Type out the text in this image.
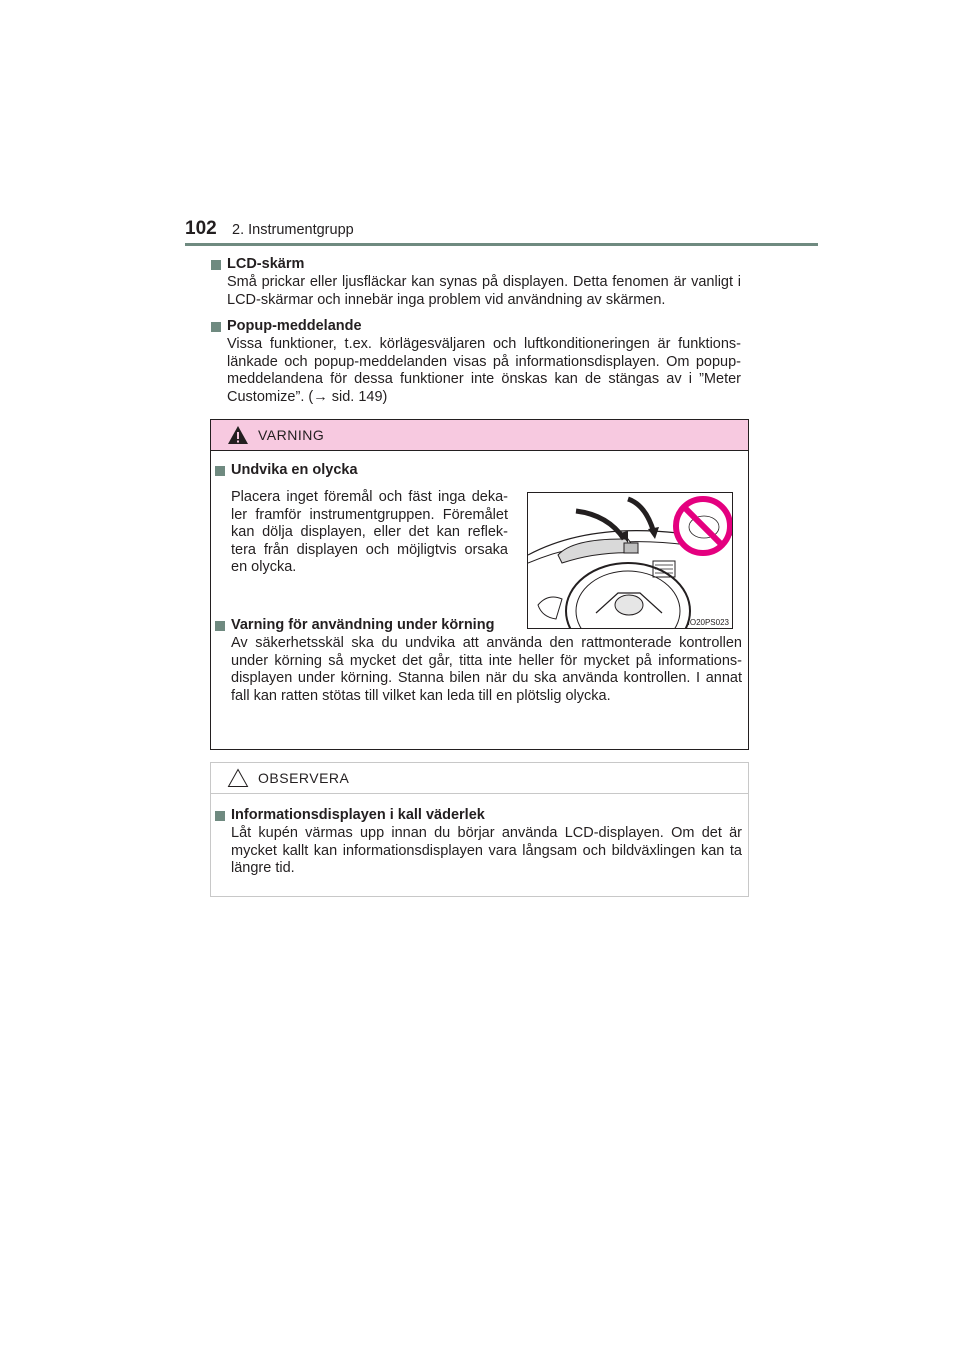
102 2. Instrumentgrupp
LCD-skärm
Små prickar eller ljusfläckar kan synas på displayen. Detta fenomen är vanligt i LCD-skärmar och innebär inga problem vid användning av skärmen.
Popup-meddelande
Vissa funktioner, t.ex. körlägesväljaren och luftkonditioneringen är funktions-länkade och popup-meddelanden visas på informationsdisplayen. Om popup-meddelandena för dessa funktioner inte önskas kan de stängas av i ”Meter Customize”. (→ sid. 149)
VARNING
Undvika en olycka
Placera inget föremål och fäst inga deka-ler framför instrumentgruppen. Föremålet kan dölja displayen, eller det kan reflek-tera från displayen och möjligtvis orsaka en olycka.
IO20PS023
Varning för användning under körning
Av säkerhetsskäl ska du undvika att använda den rattmonterade kontrollen under körning så mycket det går, titta inte heller för mycket på informations-displayen under körning. Stanna bilen när du ska använda kontrollen. I annat fall kan ratten stötas till vilket kan leda till en plötslig olycka.
OBSERVERA
Informationsdisplayen i kall väderlek
Låt kupén värmas upp innan du börjar använda LCD-displayen. Om det är mycket kallt kan informationsdisplayen vara långsam och bildväxlingen kan ta längre tid.
